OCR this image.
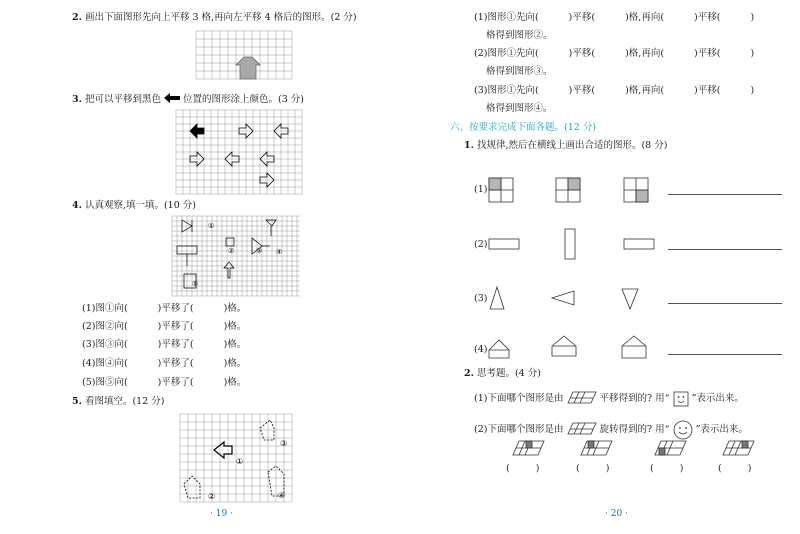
2. 画出下面图形先向上平移 3 格,再向左平移 4 格后的图形。(2 分)
3. 把可以平移到黑色 位置的图形涂上颜色。(3 分)
4. 认真观察,填一填。(10 分)
①
②	③ ④
⑤
(1)图①向(	)平移了(	)格。
(2)图②向(	)平移了(	)格。
(3)图③向(	)平移了(	)格。
(4)图④向(	)平移了(	)格。
(5)图⑤向(	)平移了(	)格。
5. 看图填空。(12 分)
①
②
③
④
· 19 ·
(1)图形①先向(	)平移(	)格,再向(	)平移(	)
格得到图形②。
(2)图形①先向(	)平移(	)格,再向(	)平移(	)
格得到图形③。
(3)图形①先向(	)平移(	)格,再向(	)平移(	)
格得到图形④。
六、按要求完成下面各题。(12 分)
1. 找规律,然后在横线上画出合适的图形。(8 分)
(1)
(2)
(3)
(4)
2. 思考题。(4 分)
(1)下面哪个图形是由	平移得到的? 用“ ”表示出来。
(2)下面哪个图形是由	旋转得到的? 用“	”表示出来。
(	)	(	)	(	)	(	)
· 20 ·
